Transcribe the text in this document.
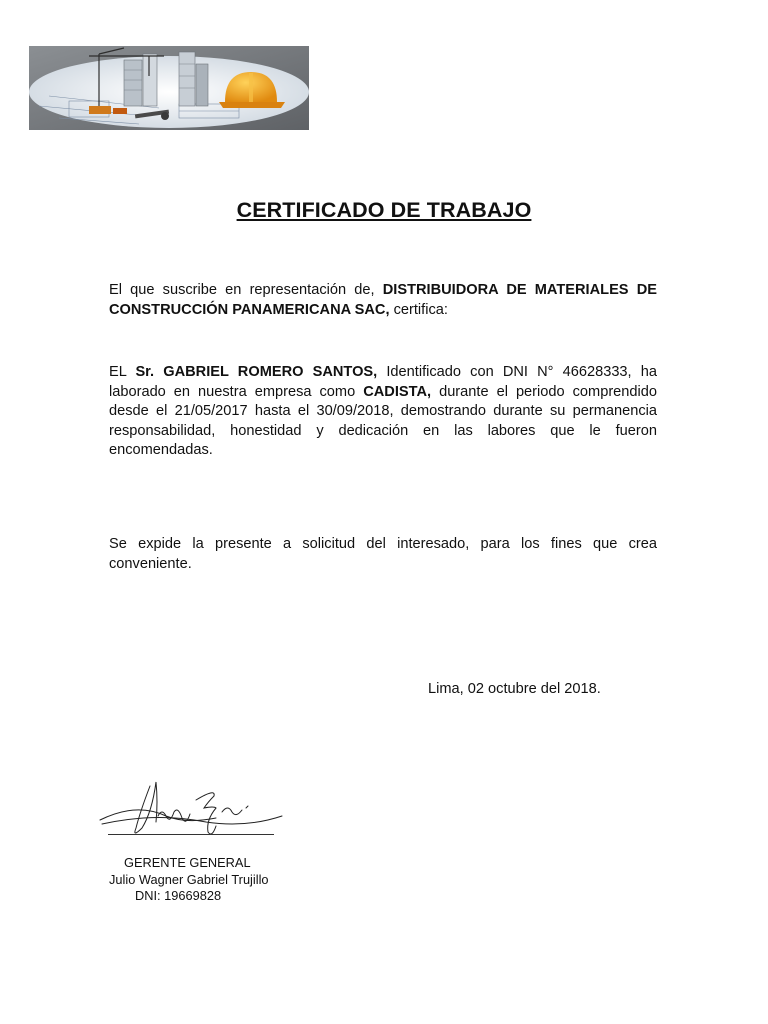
CERTIFICADO DE TRABAJO
El que suscribe en representación de, DISTRIBUIDORA DE MATERIALES DE CONSTRUCCIÓN PANAMERICANA SAC, certifica:
EL Sr. GABRIEL ROMERO SANTOS, Identificado con DNI N° 46628333, ha laborado en nuestra empresa como CADISTA, durante el periodo comprendido desde el 21/05/2017 hasta el 30/09/2018, demostrando durante su permanencia responsabilidad, honestidad y dedicación en las labores que le fueron encomendadas.
Se expide la presente a solicitud del interesado, para los fines que crea conveniente.
Lima, 02 octubre del 2018.
GERENTE GENERAL
Julio Wagner Gabriel Trujillo
DNI: 19669828
